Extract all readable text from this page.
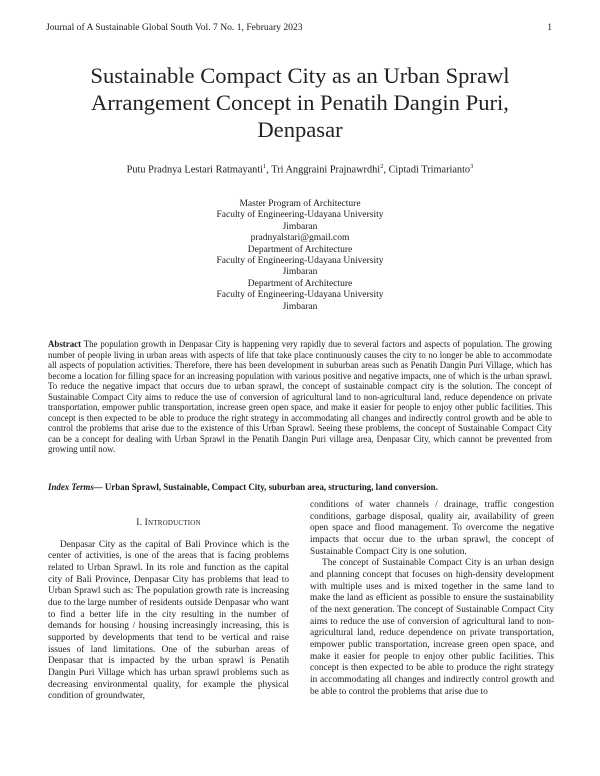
Journal of A Sustainable Global South Vol. 7 No. 1, February 2023	1
Sustainable Compact City as an Urban Sprawl
Arrangement Concept in Penatih Dangin Puri,
Denpasar
Putu Pradnya Lestari Ratmayanti$^1$, Tri Anggraini Prajnawrdhi$^2$, Ciptadi Trimarianto$^3$
Master Program of Architecture
Faculty of Engineering-Udayana University
Jimbaran
pradnyalstari@gmail.com
Department of Architecture
Faculty of Engineering-Udayana University
Jimbaran
Department of Architecture
Faculty of Engineering-Udayana University
Jimbaran
Abstract The population growth in Denpasar City is happening very rapidly due to several factors and aspects of population. The growing number of people living in urban areas with aspects of life that take place continuously causes the city to no longer be able to accommodate all aspects of population activities. Therefore, there has been development in suburban areas such as Penatih Dangin Puri Village, which has become a location for filling space for an increasing population with various positive and negative impacts, one of which is the urban sprawl. To reduce the negative impact that occurs due to urban sprawl, the concept of sustainable compact city is the solution. The concept of Sustainable Compact City aims to reduce the use of conversion of agricultural land to non-agricultural land, reduce dependence on private transportation, empower public transportation, increase green open space, and make it easier for people to enjoy other public facilities. This concept is then expected to be able to produce the right strategy in accommodating all changes and indirectly control growth and be able to control the problems that arise due to the existence of this Urban Sprawl. Seeing these problems, the concept of Sustainable Compact City can be a concept for dealing with Urban Sprawl in the Penatih Dangin Puri village area, Denpasar City, which cannot be prevented from growing until now.
Index Terms— Urban Sprawl, Sustainable, Compact City, suburban area, structuring, land conversion.
I. Introduction

Denpasar City as the capital of Bali Province which is the center of activities, is one of the areas that is facing problems related to Urban Sprawl. In its role and function as the capital city of Bali Province, Denpasar City has problems that lead to Urban Sprawl such as: The population growth rate is increasing due to the large number of residents outside Denpasar who want to find a better life in the city resulting in the number of demands for housing / housing increasingly increasing, this is supported by developments that tend to be vertical and raise issues of land limitations. One of the suburban areas of Denpasar that is impacted by the urban sprawl is Penatih Dangin Puri Village which has urban sprawl problems such as decreasing environmental quality, for example the physical condition of groundwater,

conditions of water channels / drainage, traffic congestion conditions, garbage disposal, quality air, availability of green open space and flood management. To overcome the negative impacts that occur due to the urban sprawl, the concept of Sustainable Compact City is one solution.

The concept of Sustainable Compact City is an urban design and planning concept that focuses on high-density development with multiple uses and is mixed together in the same land to make the land as efficient as possible to ensure the sustainability of the next generation. The concept of Sustainable Compact City aims to reduce the use of conversion of agricultural land to non-agricultural land, reduce dependence on private transportation, empower public transportation, increase green open space, and make it easier for people to enjoy other public facilities. This concept is then expected to be able to produce the right strategy in accommodating all changes and indirectly control growth and be able to control the problems that arise due to
